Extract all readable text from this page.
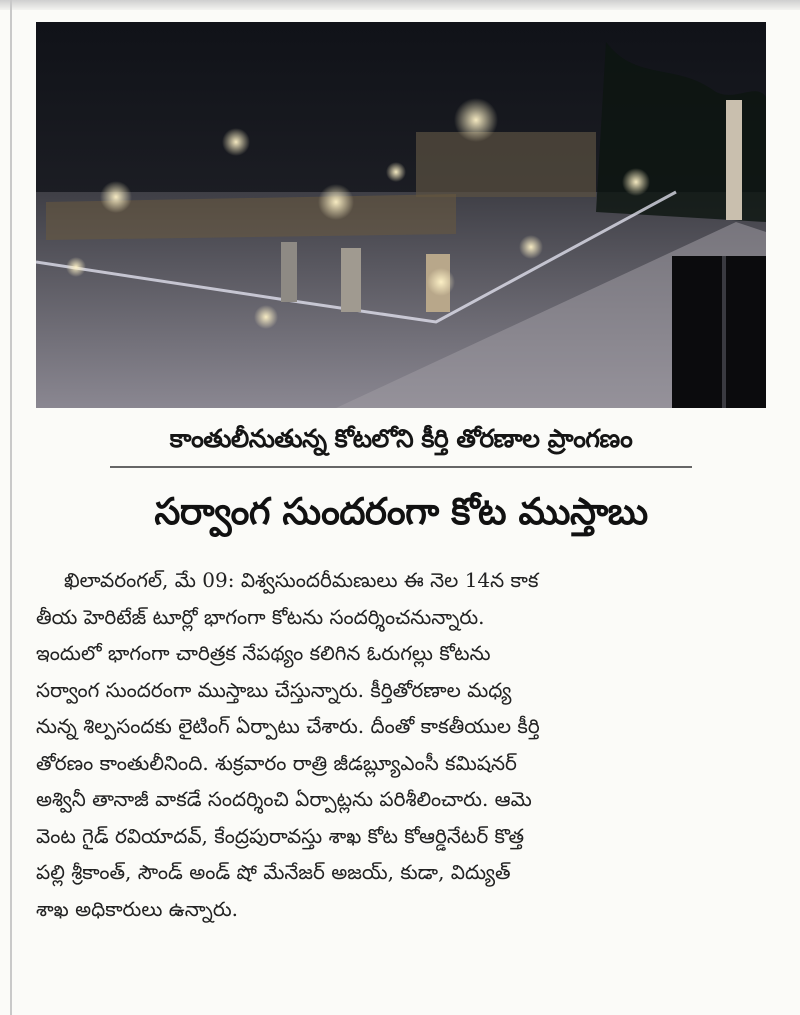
కాంతులీనుతున్న కోటలోని కీర్తి తోరణాల ప్రాంగణం
సర్వాంగ సుందరంగా కోట ముస్తాబు
ఖిలావరంగల్, మే 09: విశ్వసుందరీమణులు ఈ నెల 14న కాక
తీయ హెరిటేజ్ టూర్లో భాగంగా కోటను సందర్శించనున్నారు.
ఇందులో భాగంగా చారిత్రక నేపథ్యం కలిగిన ఓరుగల్లు కోటను
సర్వాంగ సుందరంగా ముస్తాబు చేస్తున్నారు. కీర్తితోరణాల మధ్య
నున్న శిల్పసందకు లైటింగ్ ఏర్పాటు చేశారు. దీంతో కాకతీయుల కీర్తి
తోరణం కాంతులీనింది. శుక్రవారం రాత్రి జీడబ్ల్యూఎంసీ కమిషనర్
అశ్వినీ తానాజీ వాకడే సందర్శించి ఏర్పాట్లను పరిశీలించారు. ఆమె
వెంట గైడ్ రవియాదవ్, కేంద్రపురావస్తు శాఖ కోట కోఆర్డినేటర్ కొత్త
పల్లి శ్రీకాంత్, సౌండ్ అండ్ షో మేనేజర్ అజయ్, కుడా, విద్యుత్
శాఖ అధికారులు ఉన్నారు.
